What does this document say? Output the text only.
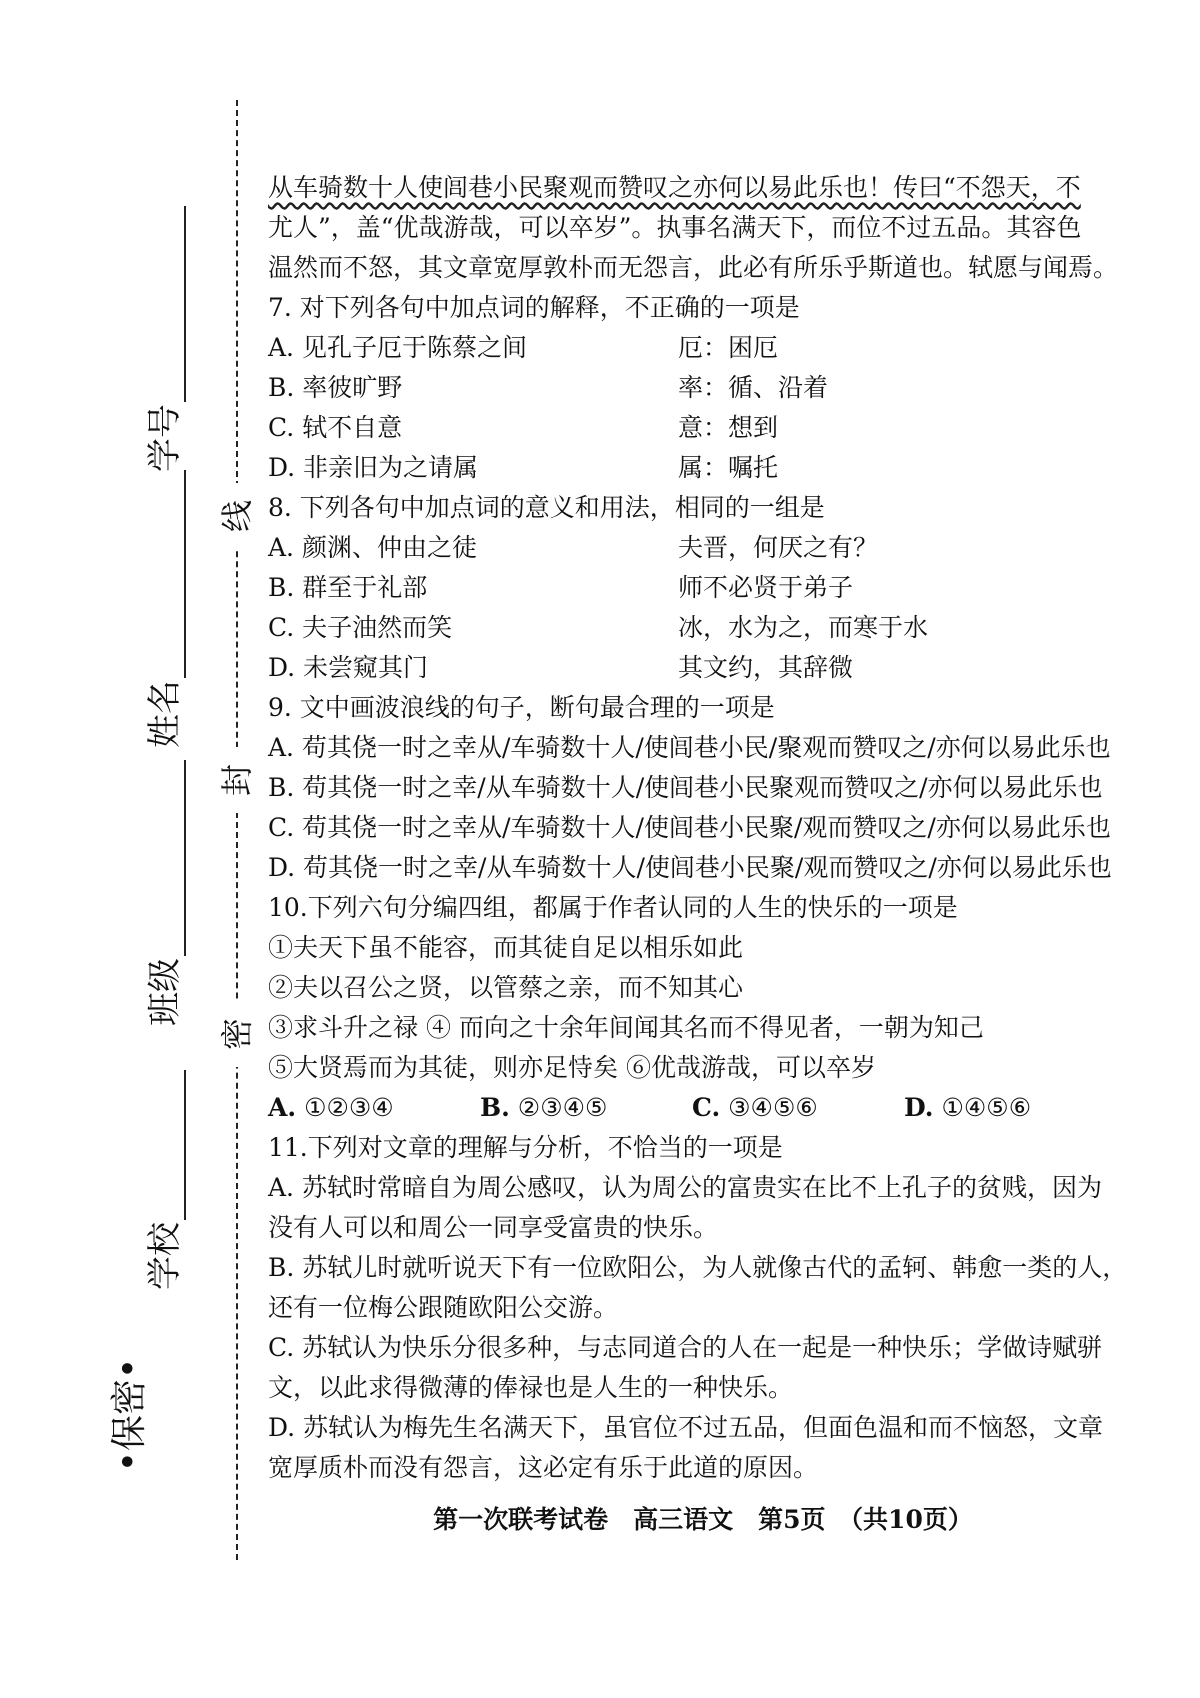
密
封
线
学校
班级
姓名
学号
•保密•
从车骑数十人使闾巷小民聚观而赞叹之亦何以易此乐也！传曰“不怨天，不
尤人”，盖“优哉游哉，可以卒岁”。执事名满天下，而位不过五品。其容色
温然而不怒，其文章宽厚敦朴而无怨言，此必有所乐乎斯道也。轼愿与闻焉。
7. 对下列各句中加点词的解释，不正确的一项是
A. 见孔子厄于陈蔡之间	厄：困厄
B. 率彼旷野	率：循、沿着
C. 轼不自意	意：想到
D. 非亲旧为之请属	属：嘱托
8. 下列各句中加点词的意义和用法，相同的一组是
A. 颜渊、仲由之徒	夫晋，何厌之有？
B. 群至于礼部	师不必贤于弟子
C. 夫子油然而笑	冰，水为之，而寒于水
D. 未尝窥其门	其文约，其辞微
9. 文中画波浪线的句子，断句最合理的一项是
A. 苟其侥一时之幸从/车骑数十人/使闾巷小民/聚观而赞叹之/亦何以易此乐也
B. 苟其侥一时之幸/从车骑数十人/使闾巷小民聚观而赞叹之/亦何以易此乐也
C. 苟其侥一时之幸从/车骑数十人/使闾巷小民聚/观而赞叹之/亦何以易此乐也
D. 苟其侥一时之幸/从车骑数十人/使闾巷小民聚/观而赞叹之/亦何以易此乐也
10.下列六句分编四组，都属于作者认同的人生的快乐的一项是
①夫天下虽不能容，而其徒自足以相乐如此
②夫以召公之贤，以管蔡之亲，而不知其心
③求斗升之禄 ④ 而向之十余年间闻其名而不得见者，一朝为知己
⑤大贤焉而为其徒，则亦足恃矣 ⑥优哉游哉，可以卒岁
A. ①②③④	B. ②③④⑤	C. ③④⑤⑥	D. ①④⑤⑥
11.下列对文章的理解与分析，不恰当的一项是
A. 苏轼时常暗自为周公感叹，认为周公的富贵实在比不上孔子的贫贱，因为
没有人可以和周公一同享受富贵的快乐。
B. 苏轼儿时就听说天下有一位欧阳公，为人就像古代的孟轲、韩愈一类的人，
还有一位梅公跟随欧阳公交游。
C. 苏轼认为快乐分很多种，与志同道合的人在一起是一种快乐；学做诗赋骈
文，以此求得微薄的俸禄也是人生的一种快乐。
D. 苏轼认为梅先生名满天下，虽官位不过五品，但面色温和而不恼怒，文章
宽厚质朴而没有怨言，这必定有乐于此道的原因。
第一次联考试卷　高三语文　第5页　（共10页）
